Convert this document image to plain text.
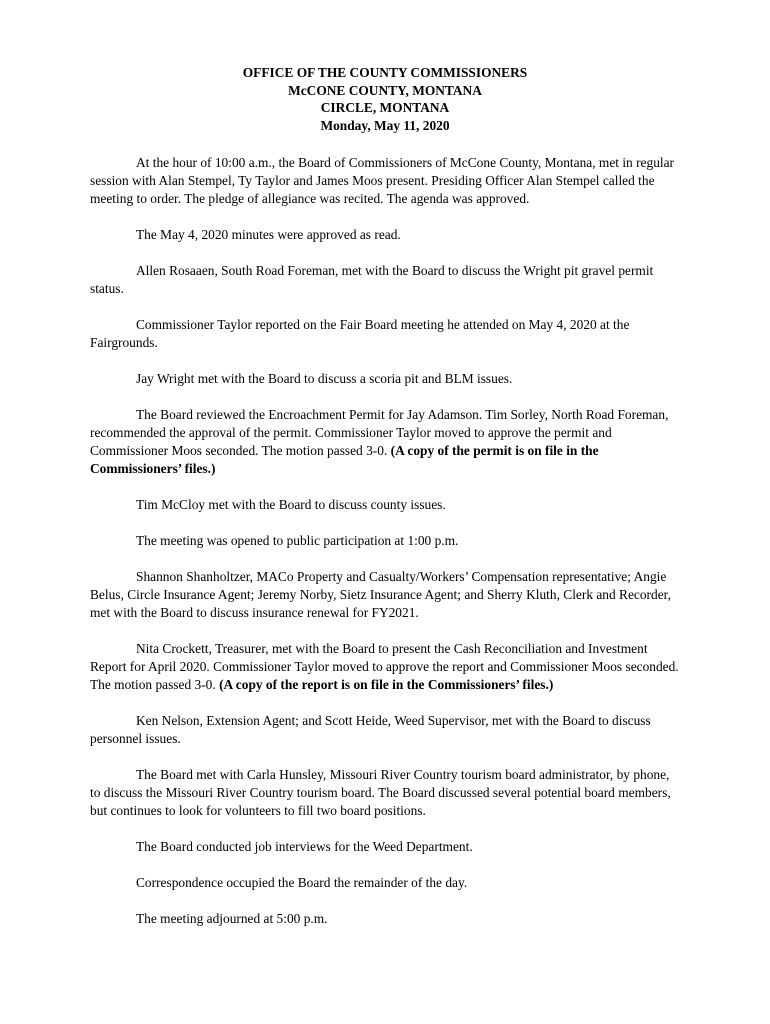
OFFICE OF THE COUNTY COMMISSIONERS
McCONE COUNTY, MONTANA
CIRCLE, MONTANA
Monday, May 11, 2020

At the hour of 10:00 a.m., the Board of Commissioners of McCone County, Montana, met in regular session with Alan Stempel, Ty Taylor and James Moos present. Presiding Officer Alan Stempel called the meeting to order. The pledge of allegiance was recited. The agenda was approved.

The May 4, 2020 minutes were approved as read.

Allen Rosaaen, South Road Foreman, met with the Board to discuss the Wright pit gravel permit status.

Commissioner Taylor reported on the Fair Board meeting he attended on May 4, 2020 at the Fairgrounds.

Jay Wright met with the Board to discuss a scoria pit and BLM issues.

The Board reviewed the Encroachment Permit for Jay Adamson. Tim Sorley, North Road Foreman, recommended the approval of the permit. Commissioner Taylor moved to approve the permit and Commissioner Moos seconded. The motion passed 3-0. (A copy of the permit is on file in the Commissioners’ files.)

Tim McCloy met with the Board to discuss county issues.

The meeting was opened to public participation at 1:00 p.m.

Shannon Shanholtzer, MACo Property and Casualty/Workers’ Compensation representative; Angie Belus, Circle Insurance Agent; Jeremy Norby, Sietz Insurance Agent; and Sherry Kluth, Clerk and Recorder, met with the Board to discuss insurance renewal for FY2021.

Nita Crockett, Treasurer, met with the Board to present the Cash Reconciliation and Investment Report for April 2020. Commissioner Taylor moved to approve the report and Commissioner Moos seconded. The motion passed 3-0. (A copy of the report is on file in the Commissioners’ files.)

Ken Nelson, Extension Agent; and Scott Heide, Weed Supervisor, met with the Board to discuss personnel issues.

The Board met with Carla Hunsley, Missouri River Country tourism board administrator, by phone, to discuss the Missouri River Country tourism board. The Board discussed several potential board members, but continues to look for volunteers to fill two board positions.

The Board conducted job interviews for the Weed Department.

Correspondence occupied the Board the remainder of the day.

The meeting adjourned at 5:00 p.m.
